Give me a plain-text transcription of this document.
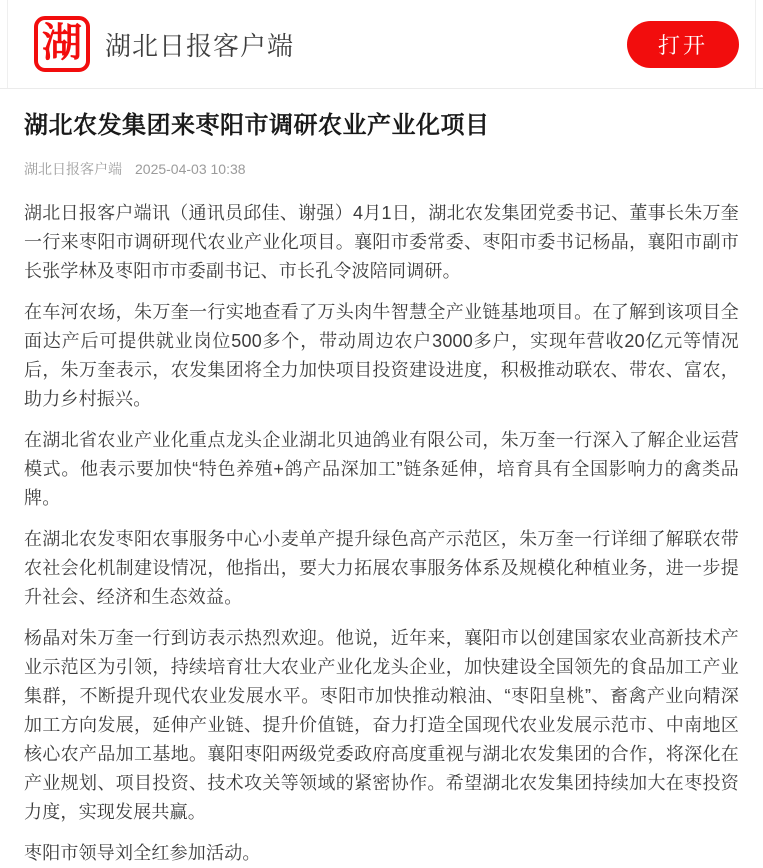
湖 湖北日报客户端	打开
湖北农发集团来枣阳市调研农业产业化项目
湖北日报客户端 2025-04-03 10:38

湖北日报客户端讯（通讯员邱佳、谢强）4月1日，湖北农发集团党委书记、董事长朱万奎一行来枣阳市调研现代农业产业化项目。襄阳市委常委、枣阳市委书记杨晶，襄阳市副市长张学林及枣阳市市委副书记、市长孔令波陪同调研。

在车河农场，朱万奎一行实地查看了万头肉牛智慧全产业链基地项目。在了解到该项目全面达产后可提供就业岗位500多个，带动周边农户3000多户，实现年营收20亿元等情况后，朱万奎表示，农发集团将全力加快项目投资建设进度，积极推动联农、带农、富农，助力乡村振兴。

在湖北省农业产业化重点龙头企业湖北贝迪鸽业有限公司，朱万奎一行深入了解企业运营模式。他表示要加快“特色养殖+鸽产品深加工”链条延伸，培育具有全国影响力的禽类品牌。

在湖北农发枣阳农事服务中心小麦单产提升绿色高产示范区，朱万奎一行详细了解联农带农社会化机制建设情况，他指出，要大力拓展农事服务体系及规模化种植业务，进一步提升社会、经济和生态效益。

杨晶对朱万奎一行到访表示热烈欢迎。他说，近年来，襄阳市以创建国家农业高新技术产业示范区为引领，持续培育壮大农业产业化龙头企业，加快建设全国领先的食品加工产业集群，不断提升现代农业发展水平。枣阳市加快推动粮油、“枣阳皇桃”、畜禽产业向精深加工方向发展，延伸产业链、提升价值链，奋力打造全国现代农业发展示范市、中南地区核心农产品加工基地。襄阳枣阳两级党委政府高度重视与湖北农发集团的合作，将深化在产业规划、项目投资、技术攻关等领域的紧密协作。希望湖北农发集团持续加大在枣投资力度，实现发展共赢。

枣阳市领导刘全红参加活动。
